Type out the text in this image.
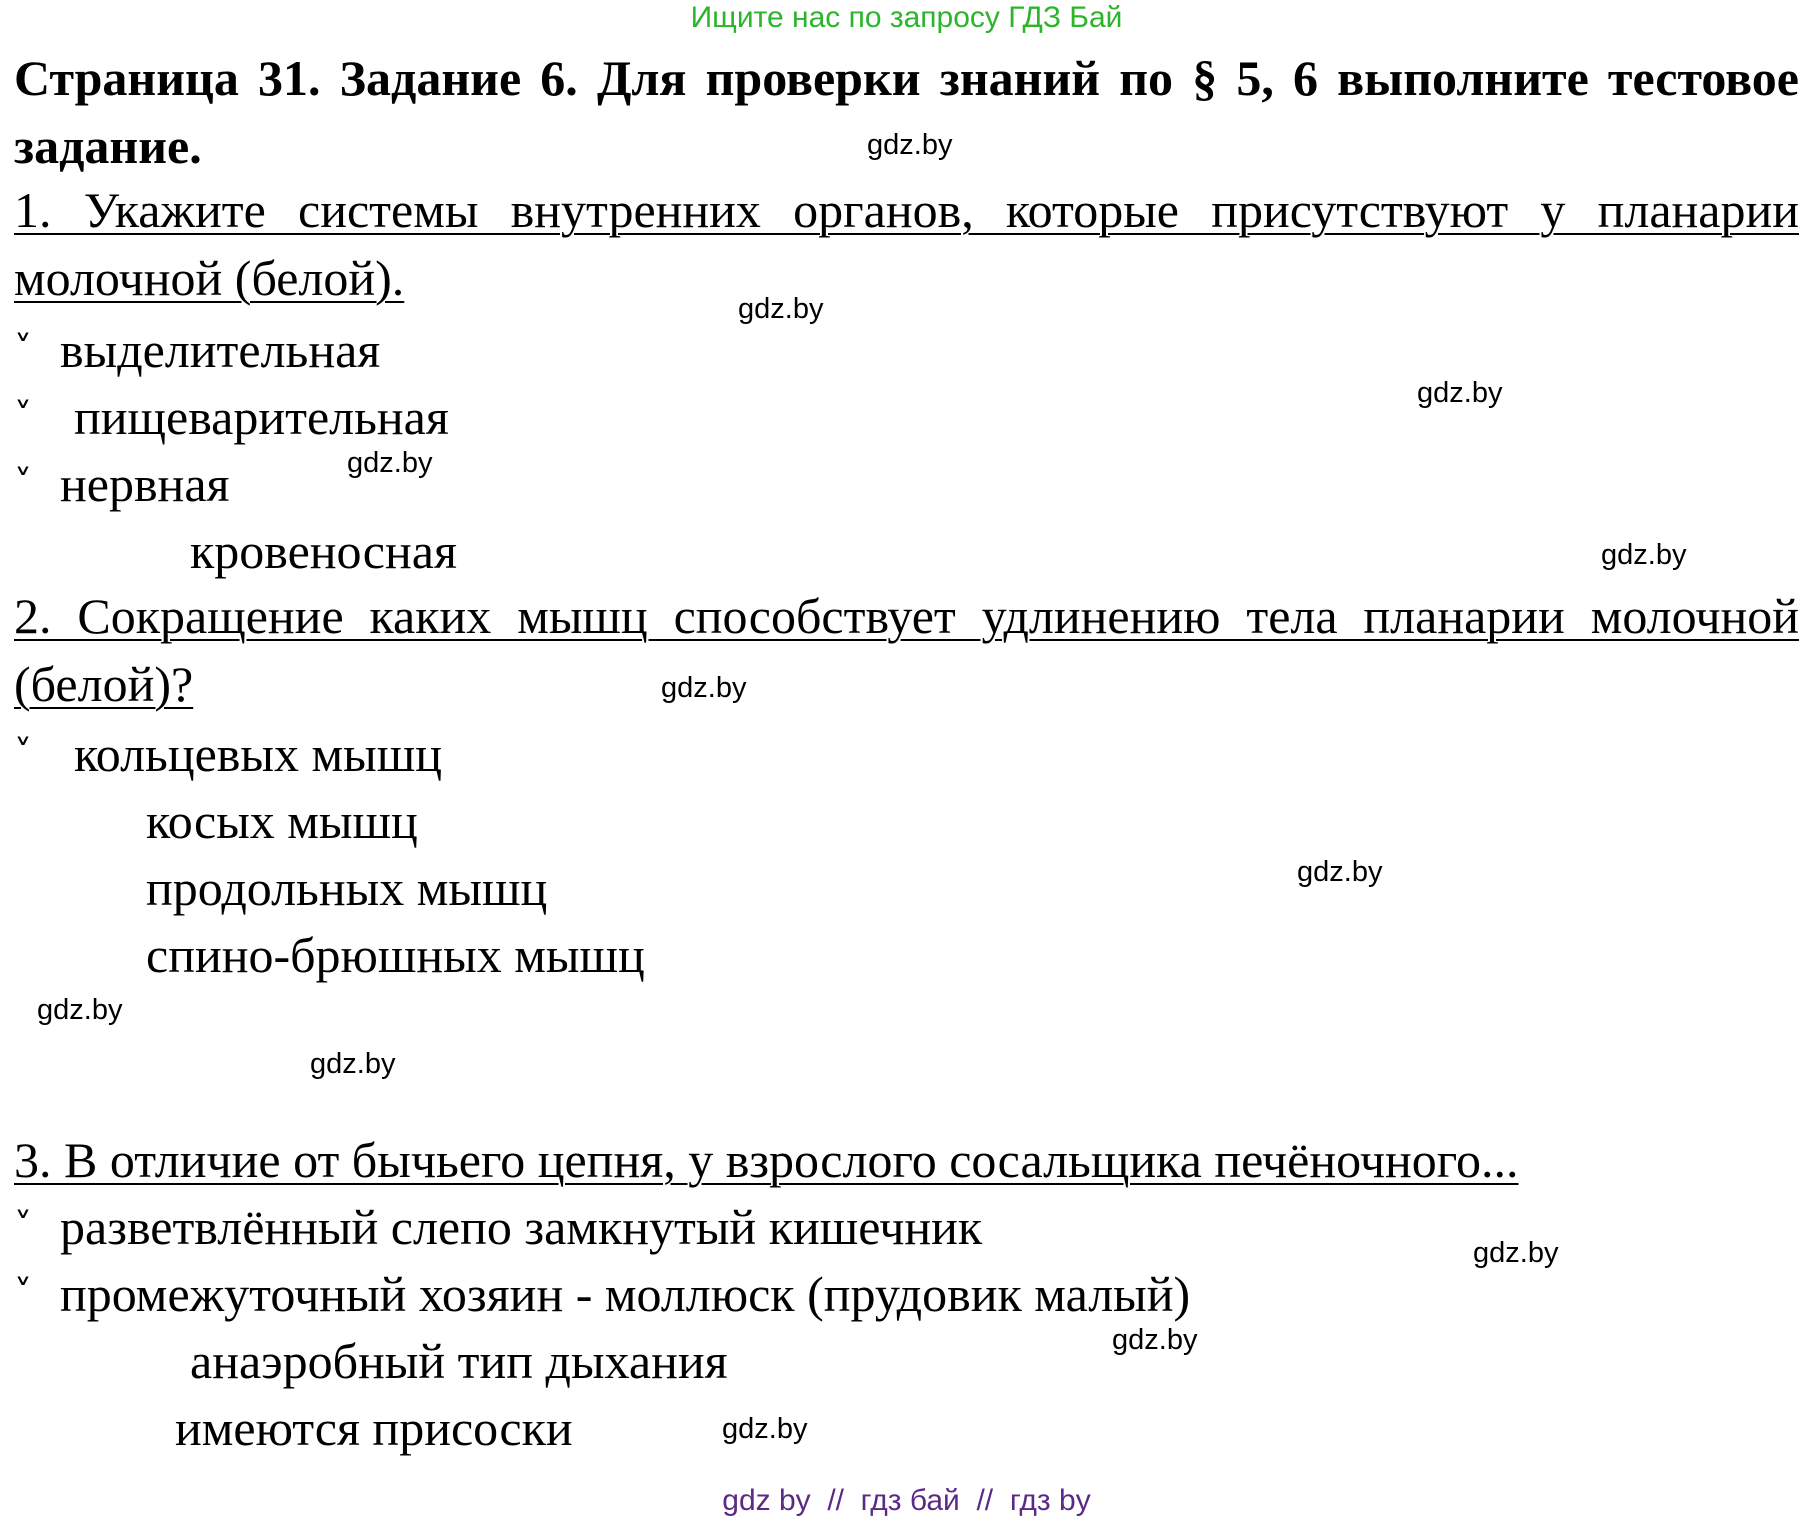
Ищите нас по запросу ГДЗ Бай
Страница 31. Задание 6. Для проверки знаний по § 5, 6 выполните тестовое задание.
1. Укажите системы внутренних органов, которые присутствуют у планарии молочной (белой).
˅ выделительная
˅ пищеварительная
˅ нервная
кровеносная
2. Сокращение каких мышц способствует удлинению тела планарии молочной (белой)?
˅ кольцевых мышц
косых мышц
продольных мышц
спино-брюшных мышц
3. В отличие от бычьего цепня, у взрослого сосальщика печёночного...
˅ разветвлённый слепо замкнутый кишечник
˅ промежуточный хозяин - моллюск (прудовик малый)
анаэробный тип дыхания
имеются присоски
gdz.by
gdz.by
gdz.by
gdz.by
gdz.by
gdz.by
gdz.by
gdz.by
gdz.by
gdz.by
gdz.by
gdz.by
gdz by  //  гдз бай  //  гдз by
